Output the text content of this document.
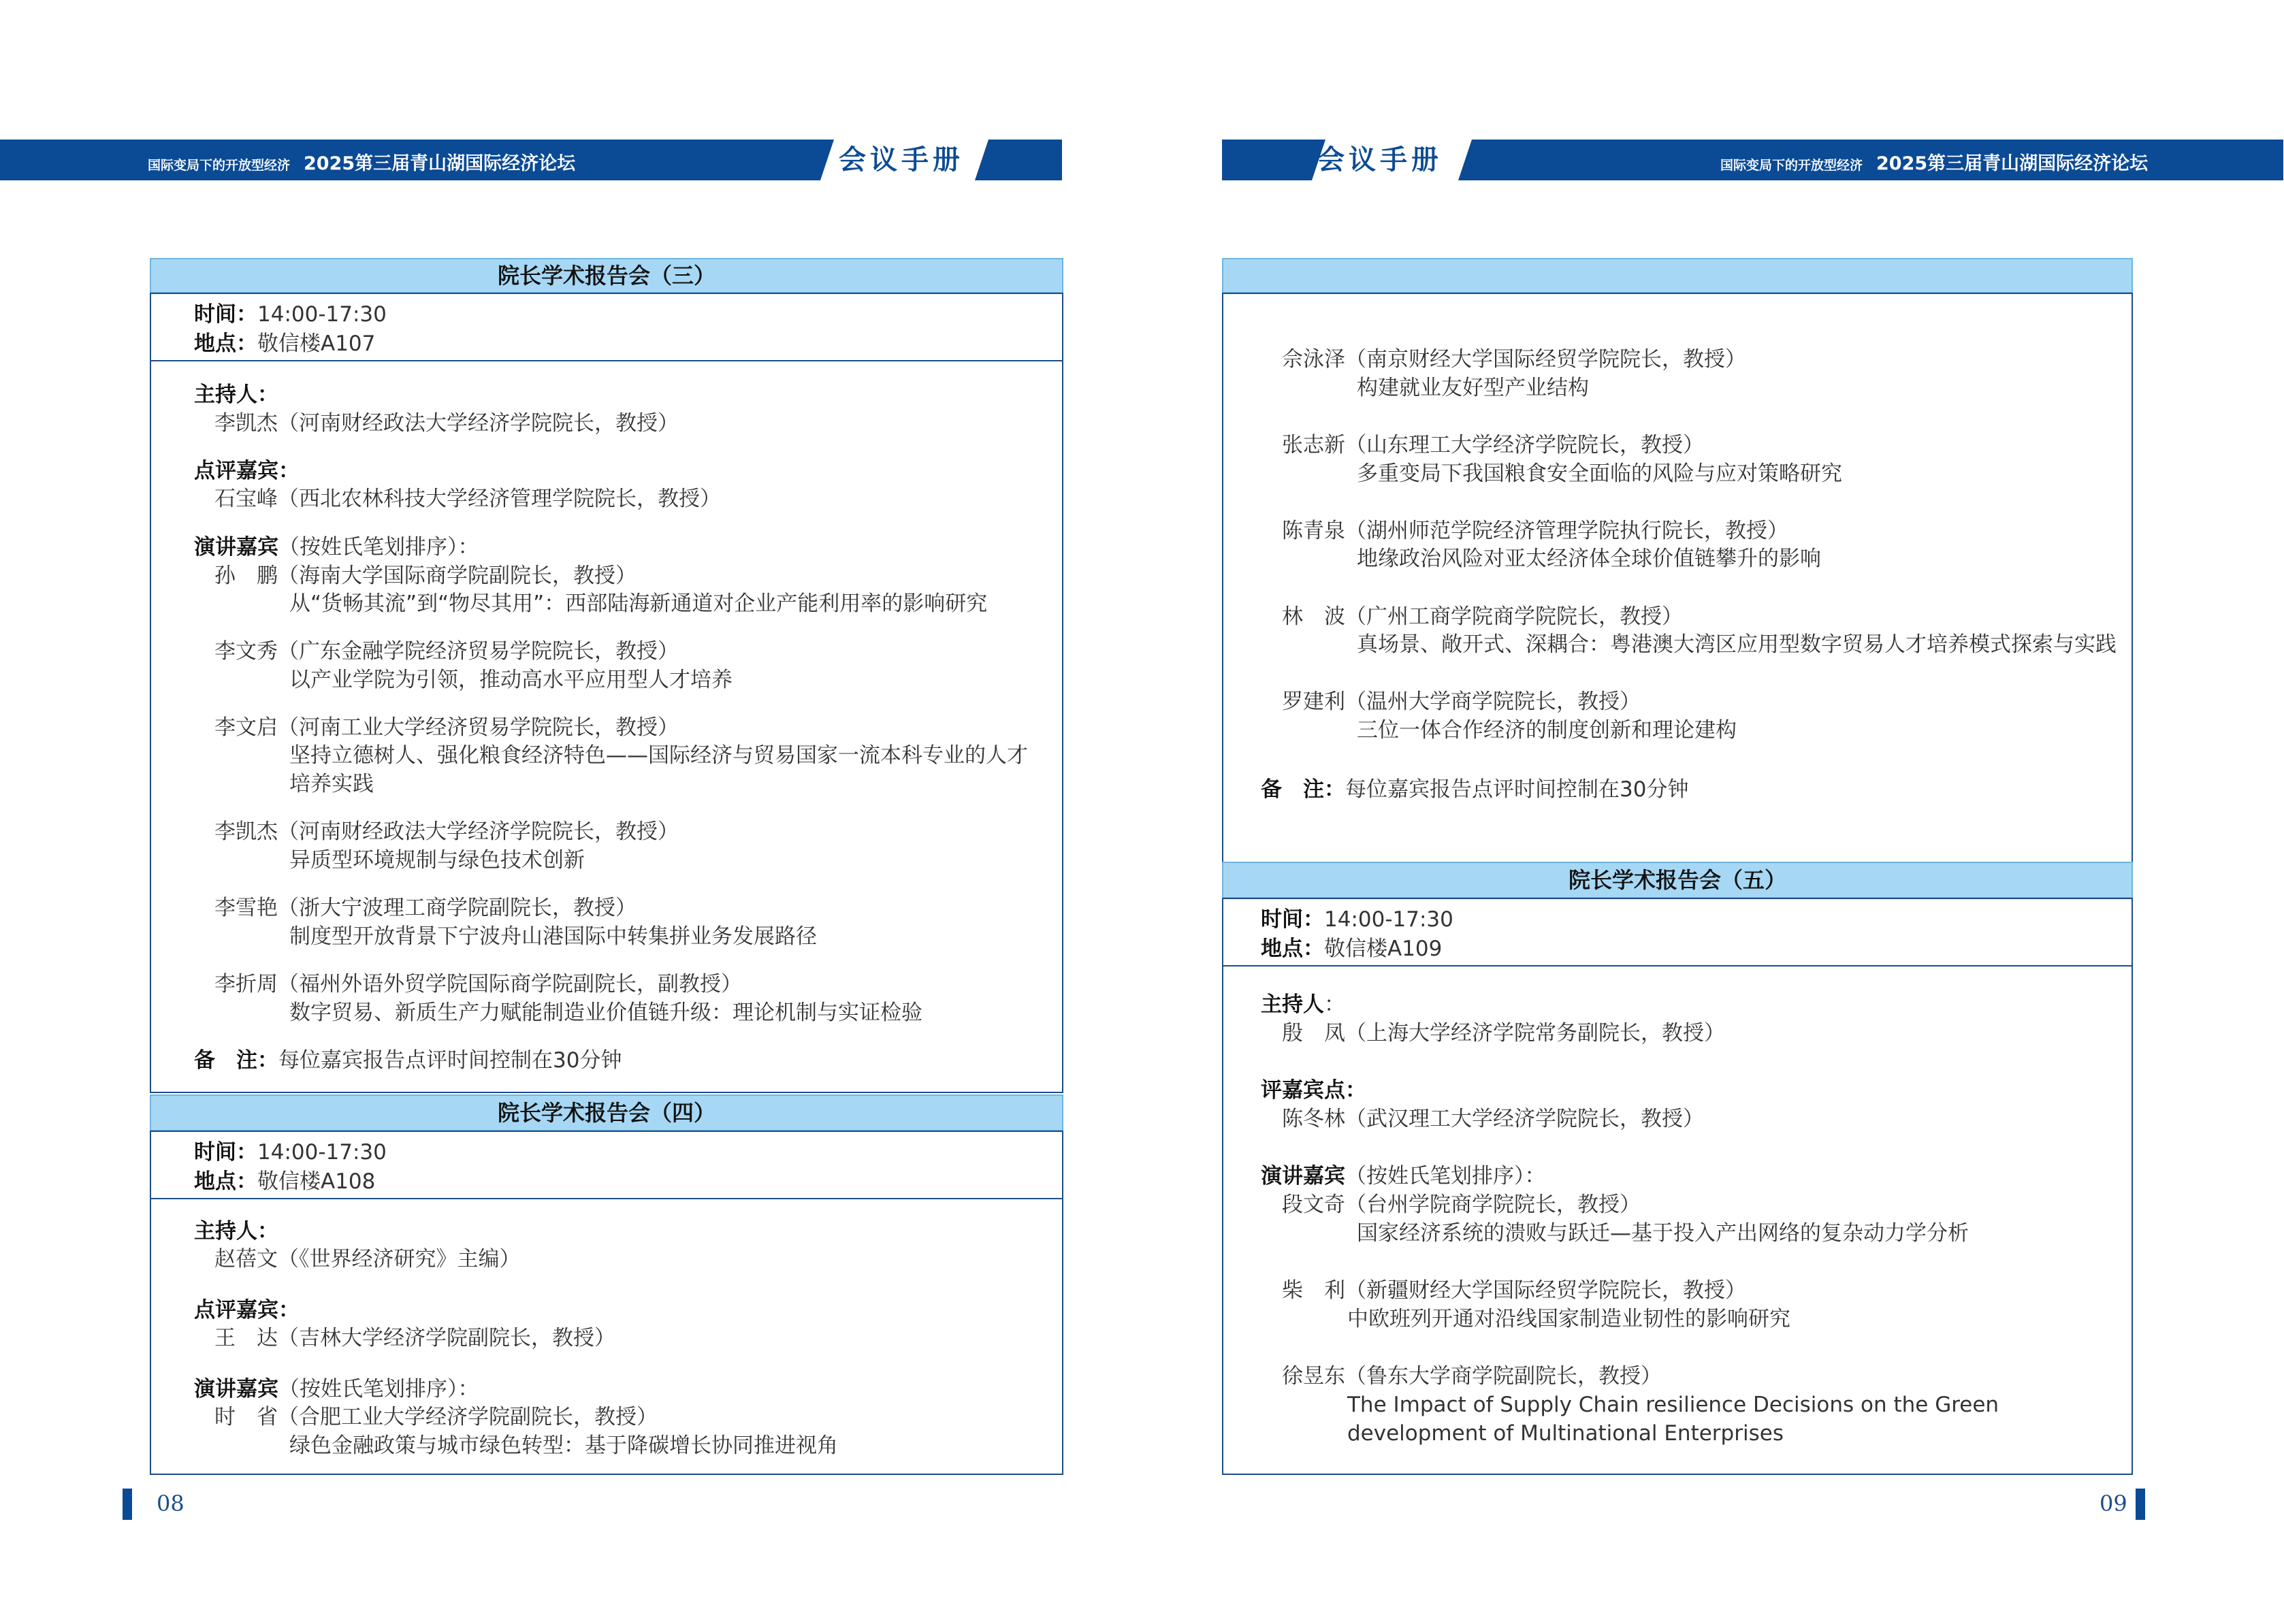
国际变局下的开放型经济 2025第三届青山湖国际经济论坛	会议手册
院长学术报告会（三）
时间：14:00-17:30
地点：敬信楼A107
主持人：
李凯杰（河南财经政法大学经济学院院长，教授）
点评嘉宾：
石宝峰（西北农林科技大学经济管理学院院长，教授）
演讲嘉宾（按姓氏笔划排序）：
孙　鹏（海南大学国际商学院副院长，教授）
从“货畅其流”到“物尽其用”：西部陆海新通道对企业产能利用率的影响研究
李文秀（广东金融学院经济贸易学院院长，教授）
以产业学院为引领，推动高水平应用型人才培养
李文启（河南工业大学经济贸易学院院长，教授）
坚持立德树人、强化粮食经济特色——国际经济与贸易国家一流本科专业的人才
培养实践
李凯杰（河南财经政法大学经济学院院长，教授）
异质型环境规制与绿色技术创新
李雪艳（浙大宁波理工商学院副院长，教授）
制度型开放背景下宁波舟山港国际中转集拼业务发展路径
李折周（福州外语外贸学院国际商学院副院长，副教授）
数字贸易、新质生产力赋能制造业价值链升级：理论机制与实证检验
备　注：每位嘉宾报告点评时间控制在30分钟
院长学术报告会（四）
时间：14:00-17:30
地点：敬信楼A108
主持人：
赵蓓文（《世界经济研究》主编）
点评嘉宾：
王　达（吉林大学经济学院副院长，教授）
演讲嘉宾（按姓氏笔划排序）：
时　省（合肥工业大学经济学院副院长，教授）
绿色金融政策与城市绿色转型：基于降碳增长协同推进视角
08
会议手册	国际变局下的开放型经济 2025第三届青山湖国际经济论坛
佘泳泽（南京财经大学国际经贸学院院长，教授）
构建就业友好型产业结构
张志新（山东理工大学经济学院院长，教授）
多重变局下我国粮食安全面临的风险与应对策略研究
陈青泉（湖州师范学院经济管理学院执行院长，教授）
地缘政治风险对亚太经济体全球价值链攀升的影响
林　波（广州工商学院商学院院长，教授）
真场景、敞开式、深耦合：粤港澳大湾区应用型数字贸易人才培养模式探索与实践
罗建利（温州大学商学院院长，教授）
三位一体合作经济的制度创新和理论建构
备　注：每位嘉宾报告点评时间控制在30分钟
院长学术报告会（五）
时间：14:00-17:30
地点：敬信楼A109
主持人：
殷　凤（上海大学经济学院常务副院长，教授）
评嘉宾点：
陈冬林（武汉理工大学经济学院院长，教授）
演讲嘉宾（按姓氏笔划排序）：
段文奇（台州学院商学院院长，教授）
国家经济系统的溃败与跃迁—基于投入产出网络的复杂动力学分析
柴　利（新疆财经大学国际经贸学院院长，教授）
中欧班列开通对沿线国家制造业韧性的影响研究
徐昱东（鲁东大学商学院副院长，教授）
The Impact of Supply Chain resilience Decisions on the Green
development of Multinational Enterprises
09
